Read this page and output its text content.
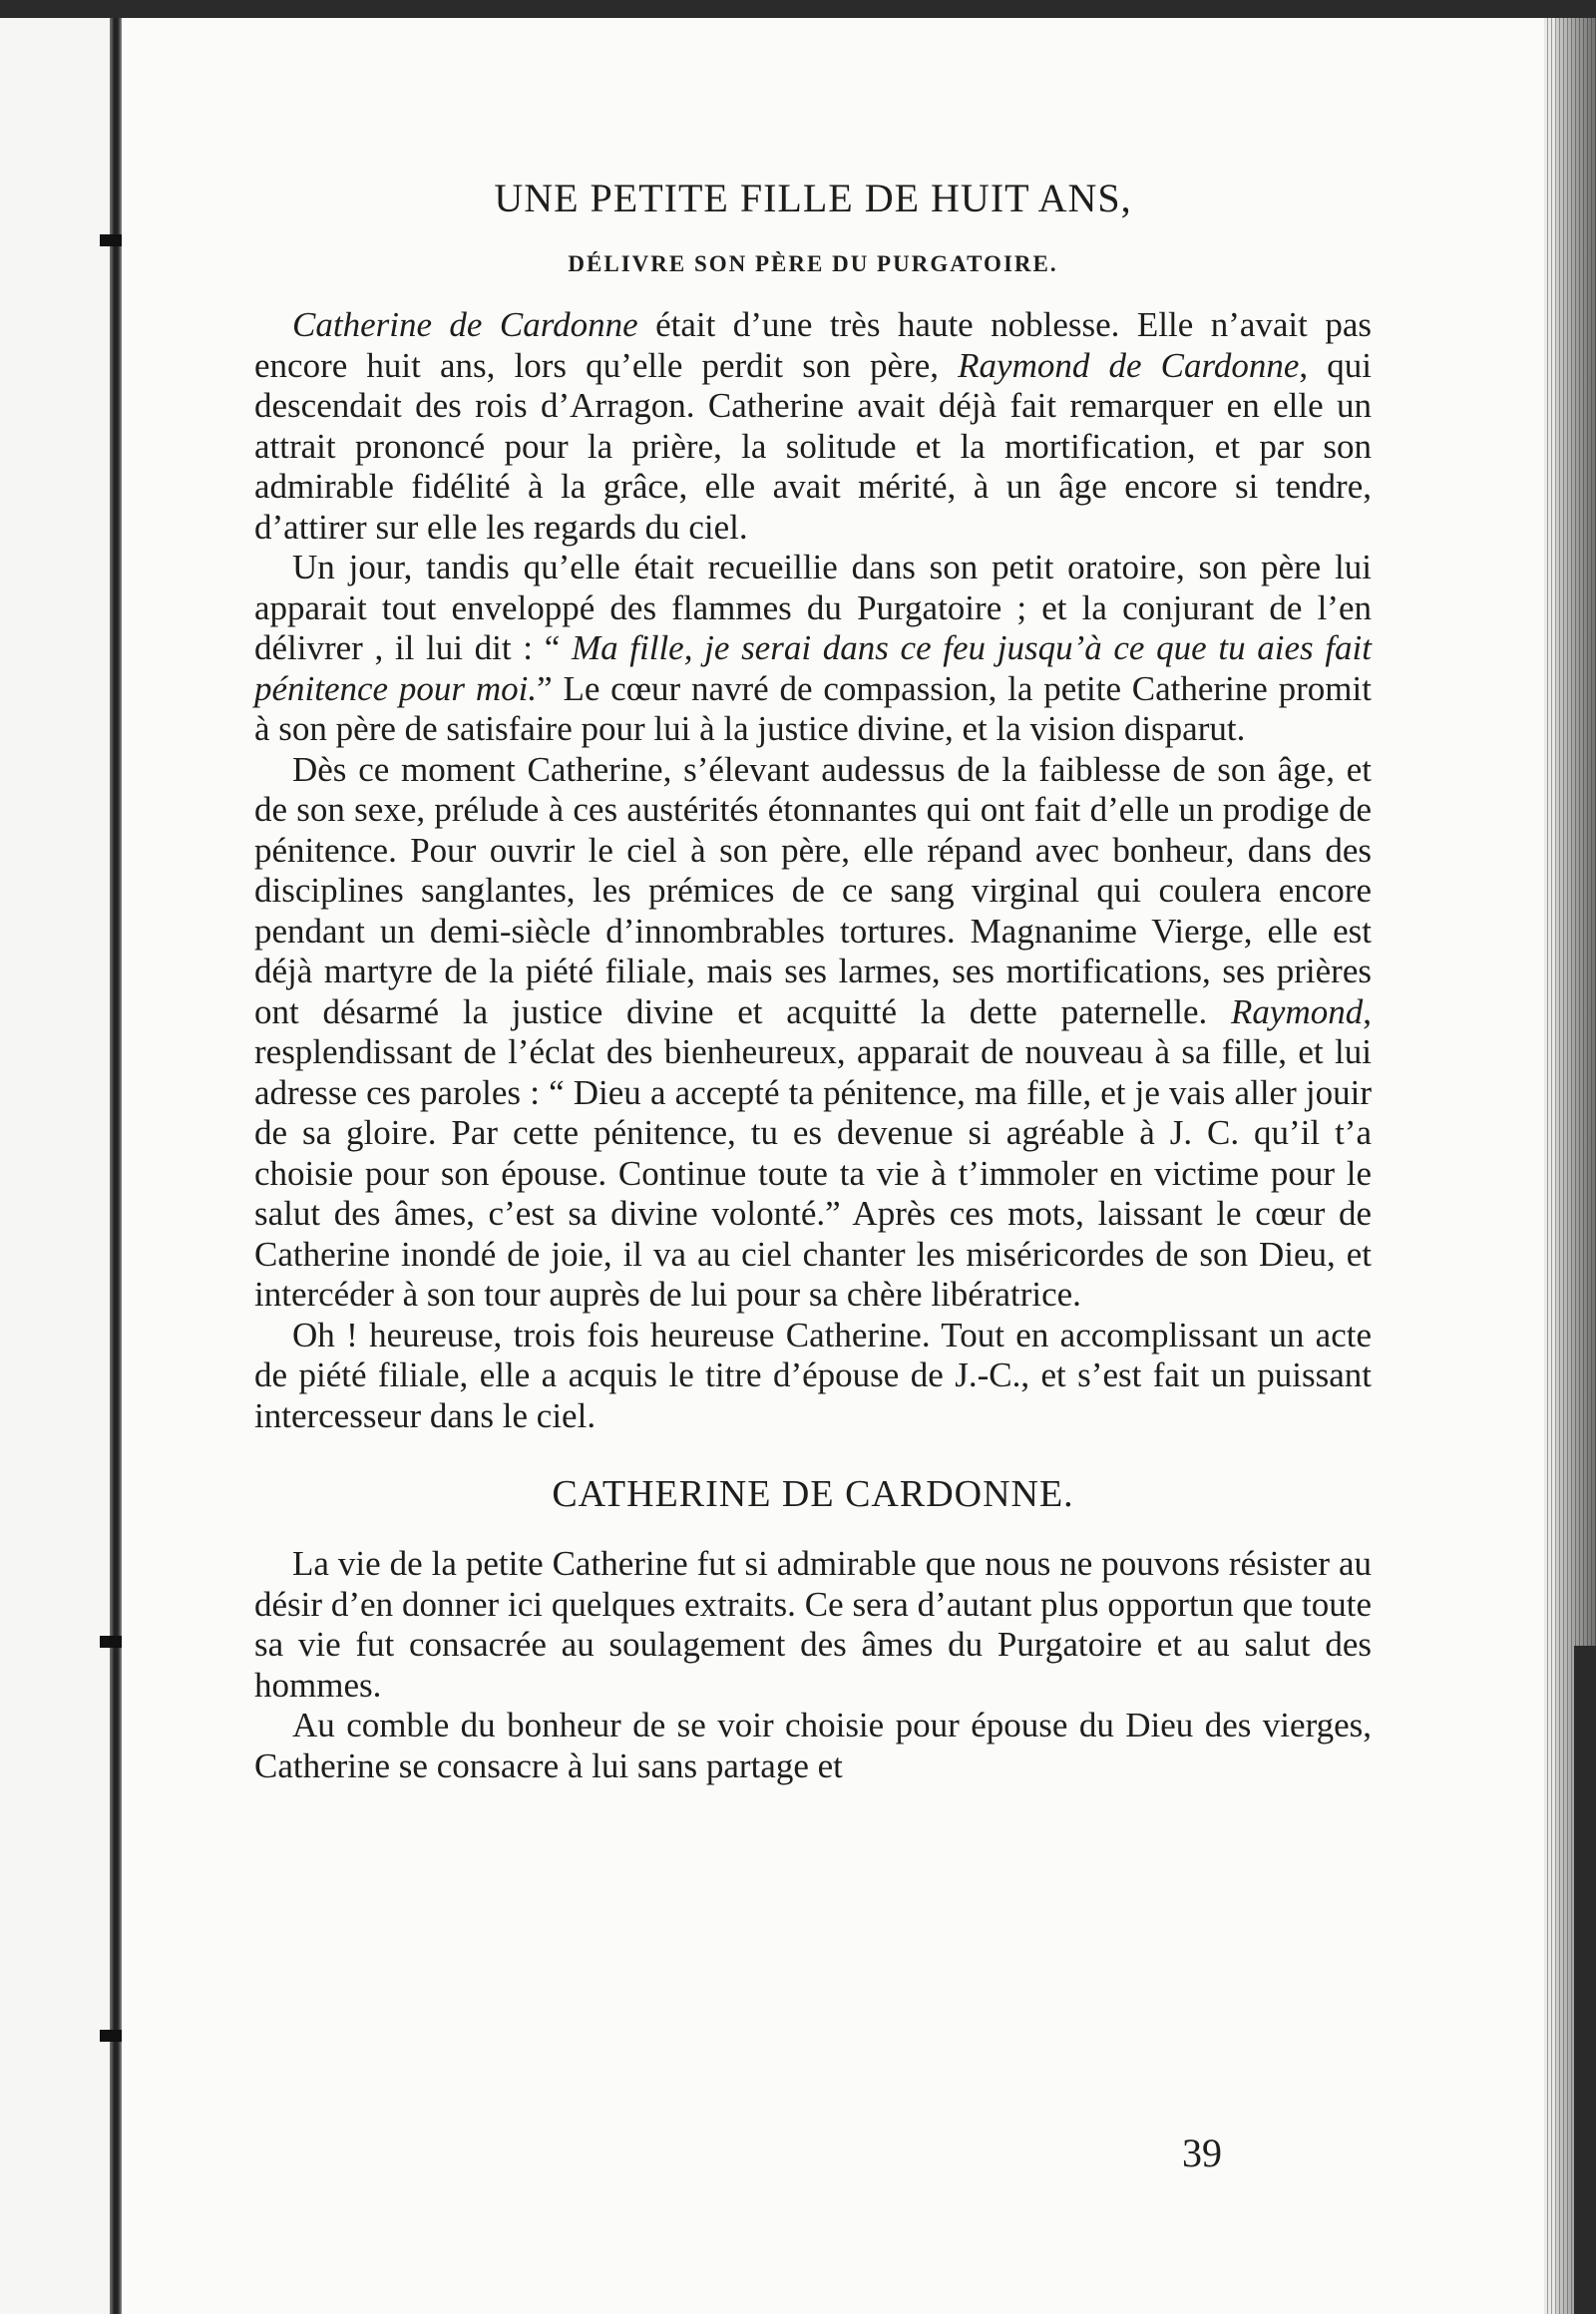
UNE PETITE FILLE DE HUIT ANS,
DÉLIVRE SON PÈRE DU PURGATOIRE.

Catherine de Cardonne était d’une très haute noblesse. Elle n’avait pas encore huit ans, lors qu’elle perdit son père, Raymond de Cardonne, qui descendait des rois d’Arragon. Catherine avait déjà fait remarquer en elle un attrait prononcé pour la prière, la solitude et la mortification, et par son admirable fidélité à la grâce, elle avait mérité, à un âge encore si tendre, d’attirer sur elle les regards du ciel.

Un jour, tandis qu’elle était recueillie dans son petit oratoire, son père lui apparait tout enveloppé des flammes du Purgatoire ; et la conjurant de l’en délivrer , il lui dit : “ Ma fille, je serai dans ce feu jusqu’à ce que tu aies fait pénitence pour moi.” Le cœur navré de compassion, la petite Catherine promit à son père de satisfaire pour lui à la justice divine, et la vision disparut.

Dès ce moment Catherine, s’élevant audessus de la faiblesse de son âge, et de son sexe, prélude à ces austérités étonnantes qui ont fait d’elle un prodige de pénitence. Pour ouvrir le ciel à son père, elle répand avec bonheur, dans des disciplines sanglantes, les prémices de ce sang virginal qui coulera encore pendant un demi-siècle d’innombrables tortures. Magnanime Vierge, elle est déjà martyre de la piété filiale, mais ses larmes, ses mortifications, ses prières ont désarmé la justice divine et acquitté la dette paternelle. Raymond, resplendissant de l’éclat des bienheureux, apparait de nouveau à sa fille, et lui adresse ces paroles : “ Dieu a accepté ta pénitence, ma fille, et je vais aller jouir de sa gloire. Par cette pénitence, tu es devenue si agréable à J. C. qu’il t’a choisie pour son épouse. Continue toute ta vie à t’immoler en victime pour le salut des âmes, c’est sa divine volonté.” Après ces mots, laissant le cœur de Catherine inondé de joie, il va au ciel chanter les miséricordes de son Dieu, et intercéder à son tour auprès de lui pour sa chère libératrice.

Oh ! heureuse, trois fois heureuse Catherine. Tout en accomplissant un acte de piété filiale, elle a acquis le titre d’épouse de J.-C., et s’est fait un puissant intercesseur dans le ciel.

CATHERINE DE CARDONNE.

La vie de la petite Catherine fut si admirable que nous ne pouvons résister au désir d’en donner ici quelques extraits. Ce sera d’autant plus opportun que toute sa vie fut consacrée au soulagement des âmes du Purgatoire et au salut des hommes.

Au comble du bonheur de se voir choisie pour épouse du Dieu des vierges, Catherine se consacre à lui sans partage et

39
